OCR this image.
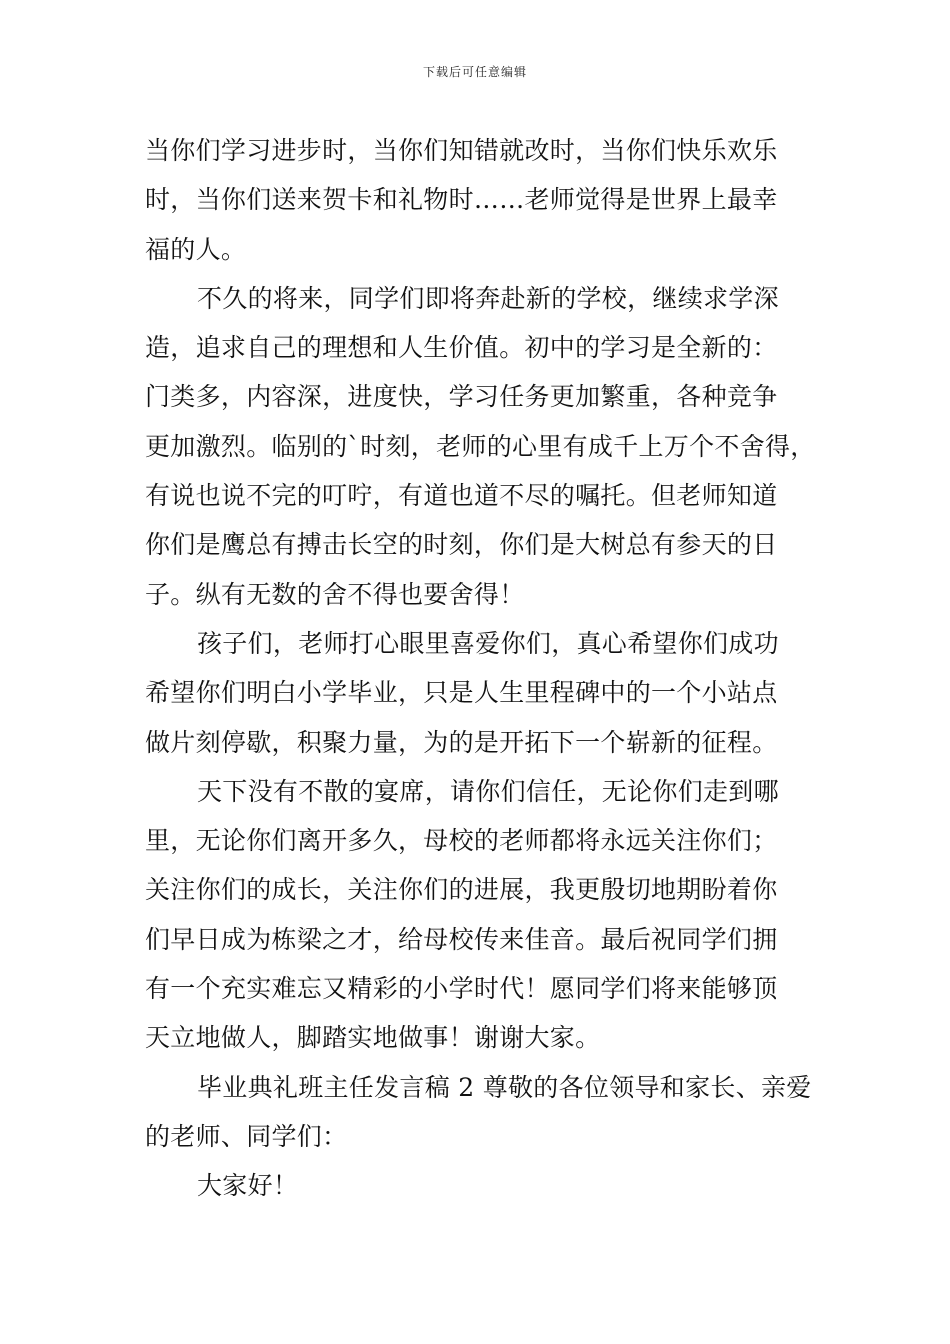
下载后可任意编辑
当你们学习进步时，当你们知错就改时，当你们快乐欢乐
时，当你们送来贺卡和礼物时……老师觉得是世界上最幸
福的人。
不久的将来，同学们即将奔赴新的学校，继续求学深
造，追求自己的理想和人生价值。初中的学习是全新的：
门类多，内容深，进度快，学习任务更加繁重，各种竞争
更加激烈。临别的`时刻，老师的心里有成千上万个不舍得，
有说也说不完的叮咛，有道也道不尽的嘱托。但老师知道
你们是鹰总有搏击长空的时刻，你们是大树总有参天的日
子。纵有无数的舍不得也要舍得！
孩子们，老师打心眼里喜爱你们，真心希望你们成功
希望你们明白小学毕业，只是人生里程碑中的一个小站点
做片刻停歇，积聚力量，为的是开拓下一个崭新的征程。
天下没有不散的宴席，请你们信任，无论你们走到哪
里，无论你们离开多久，母校的老师都将永远关注你们；
关注你们的成长，关注你们的进展，我更殷切地期盼着你
们早日成为栋梁之才，给母校传来佳音。最后祝同学们拥
有一个充实难忘又精彩的小学时代！愿同学们将来能够顶
天立地做人，脚踏实地做事！谢谢大家。
毕业典礼班主任发言稿 2 尊敬的各位领导和家长、亲爱
的老师、同学们：
大家好！
